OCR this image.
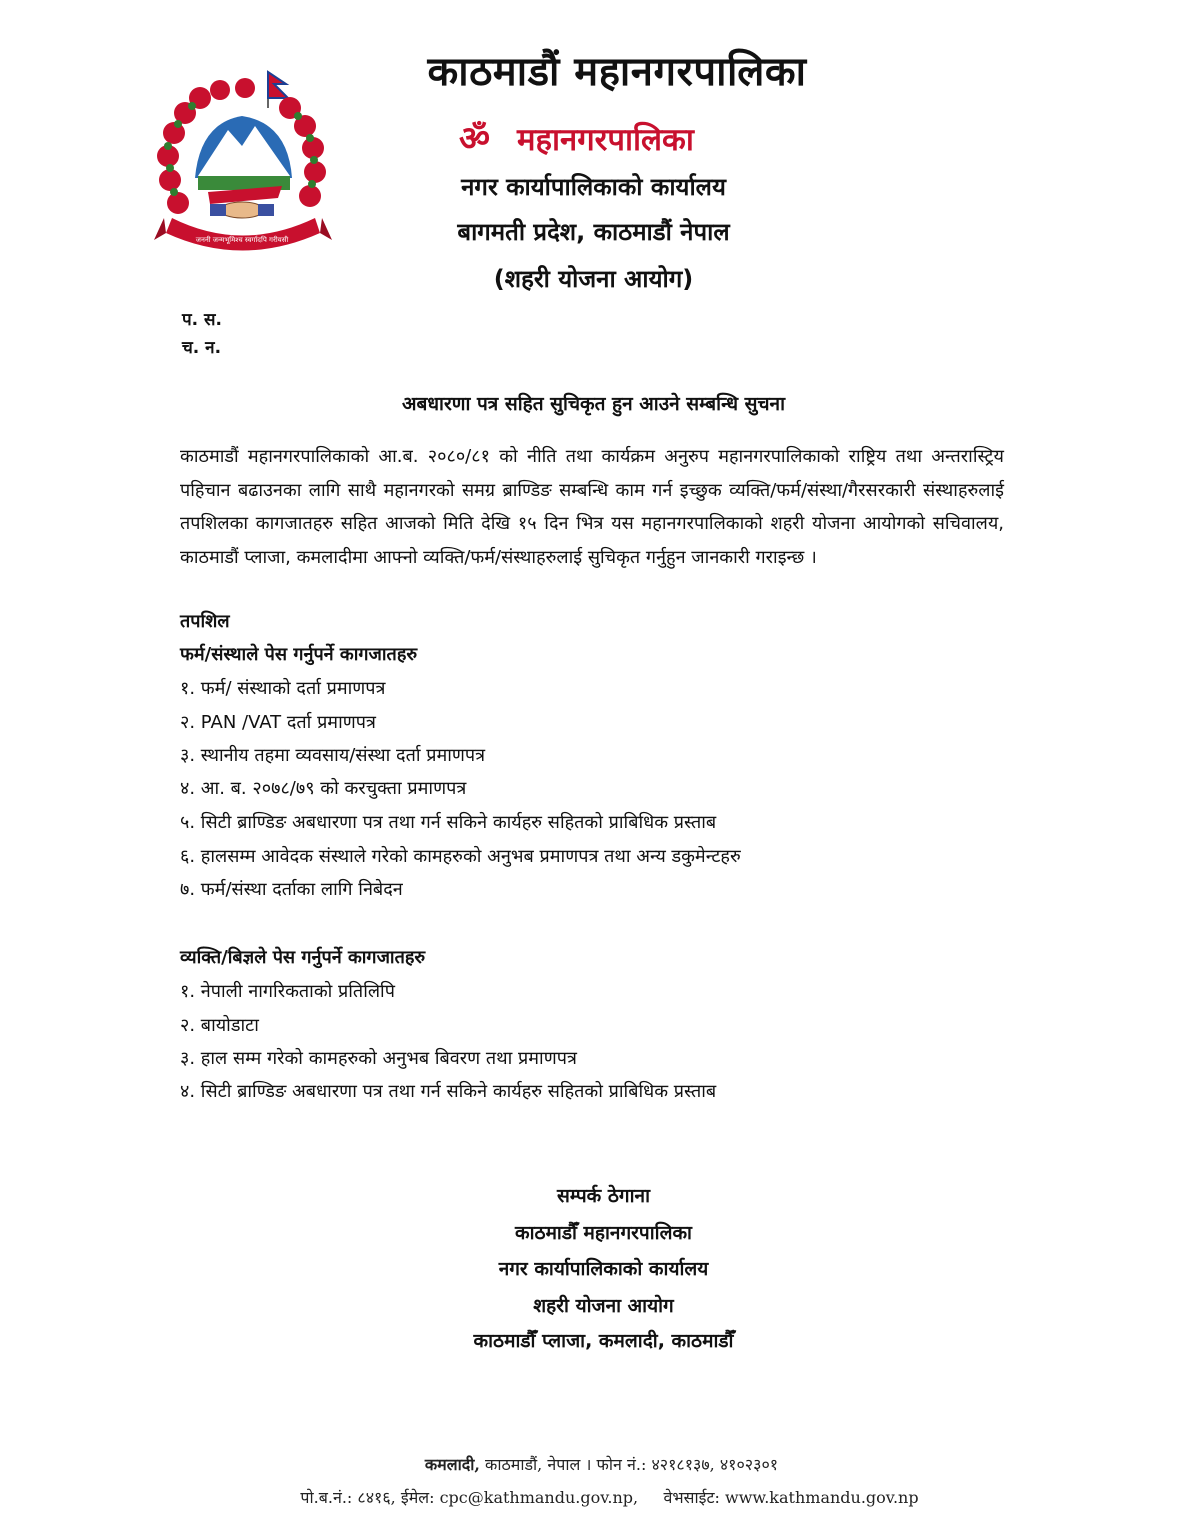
जननी जन्मभूमिश्च स्वर्गादपि गरीयसी
काठमाडौं महानगरपालिका
ॐ महानगरपालिका
नगर कार्यापालिकाको कार्यालय
बागमती प्रदेश, काठमाडौं नेपाल
(शहरी योजना आयोग)
प. स.
च. न.
अबधारणा पत्र सहित सुचिकृत हुन आउने सम्बन्धि सुचना

काठमाडौं महानगरपालिकाको आ.ब. २०८०/८१ को नीति तथा कार्यक्रम अनुरुप महानगरपालिकाको राष्ट्रिय तथा अन्तरास्ट्रिय पहिचान बढाउनका लागि साथै महानगरको समग्र ब्राण्डिङ सम्बन्धि काम गर्न इच्छुक व्यक्ति/फर्म/संस्था/गैरसरकारी संस्थाहरुलाई तपशिलका कागजातहरु सहित आजको मिति देखि १५ दिन भित्र यस महानगरपालिकाको शहरी योजना आयोगको सचिवालय, काठमाडौं प्लाजा, कमलादीमा आफ्नो व्यक्ति/फर्म/संस्थाहरुलाई सुचिकृत गर्नुहुन जानकारी गराइन्छ ।

तपशिल
फर्म/संस्थाले पेस गर्नुपर्ने कागजातहरु
१. फर्म/ संस्थाको दर्ता प्रमाणपत्र
२. PAN /VAT दर्ता प्रमाणपत्र
३. स्थानीय तहमा व्यवसाय/संस्था दर्ता प्रमाणपत्र
४. आ. ब. २०७८/७९ को करचुक्ता प्रमाणपत्र
५. सिटी ब्राण्डिङ अबधारणा पत्र तथा गर्न सकिने कार्यहरु सहितको प्राबिधिक प्रस्ताब
६. हालसम्म आवेदक संस्थाले गरेको कामहरुको अनुभब प्रमाणपत्र तथा अन्य डकुमेन्टहरु
७. फर्म/संस्था दर्ताका लागि निबेदन
व्यक्ति/बिज्ञले पेस गर्नुपर्ने कागजातहरु
१. नेपाली नागरिकताको प्रतिलिपि
२. बायोडाटा
३. हाल सम्म गरेको कामहरुको अनुभब बिवरण तथा प्रमाणपत्र
४. सिटी ब्राण्डिङ अबधारणा पत्र तथा गर्न सकिने कार्यहरु सहितको प्राबिधिक प्रस्ताब
सम्पर्क ठेगाना
काठमाडौँ महानगरपालिका
नगर कार्यापालिकाको कार्यालय
शहरी योजना आयोग
काठमाडौँ प्लाजा, कमलादी, काठमाडौँ
कमलादी, काठमाडौं, नेपाल । फोन नं.: ४२१८१३७, ४१०२३०१
पो.ब.नं.: ८४१६, ईमेल: cpc@kathmandu.gov.np,     वेभसाईट: www.kathmandu.gov.np
